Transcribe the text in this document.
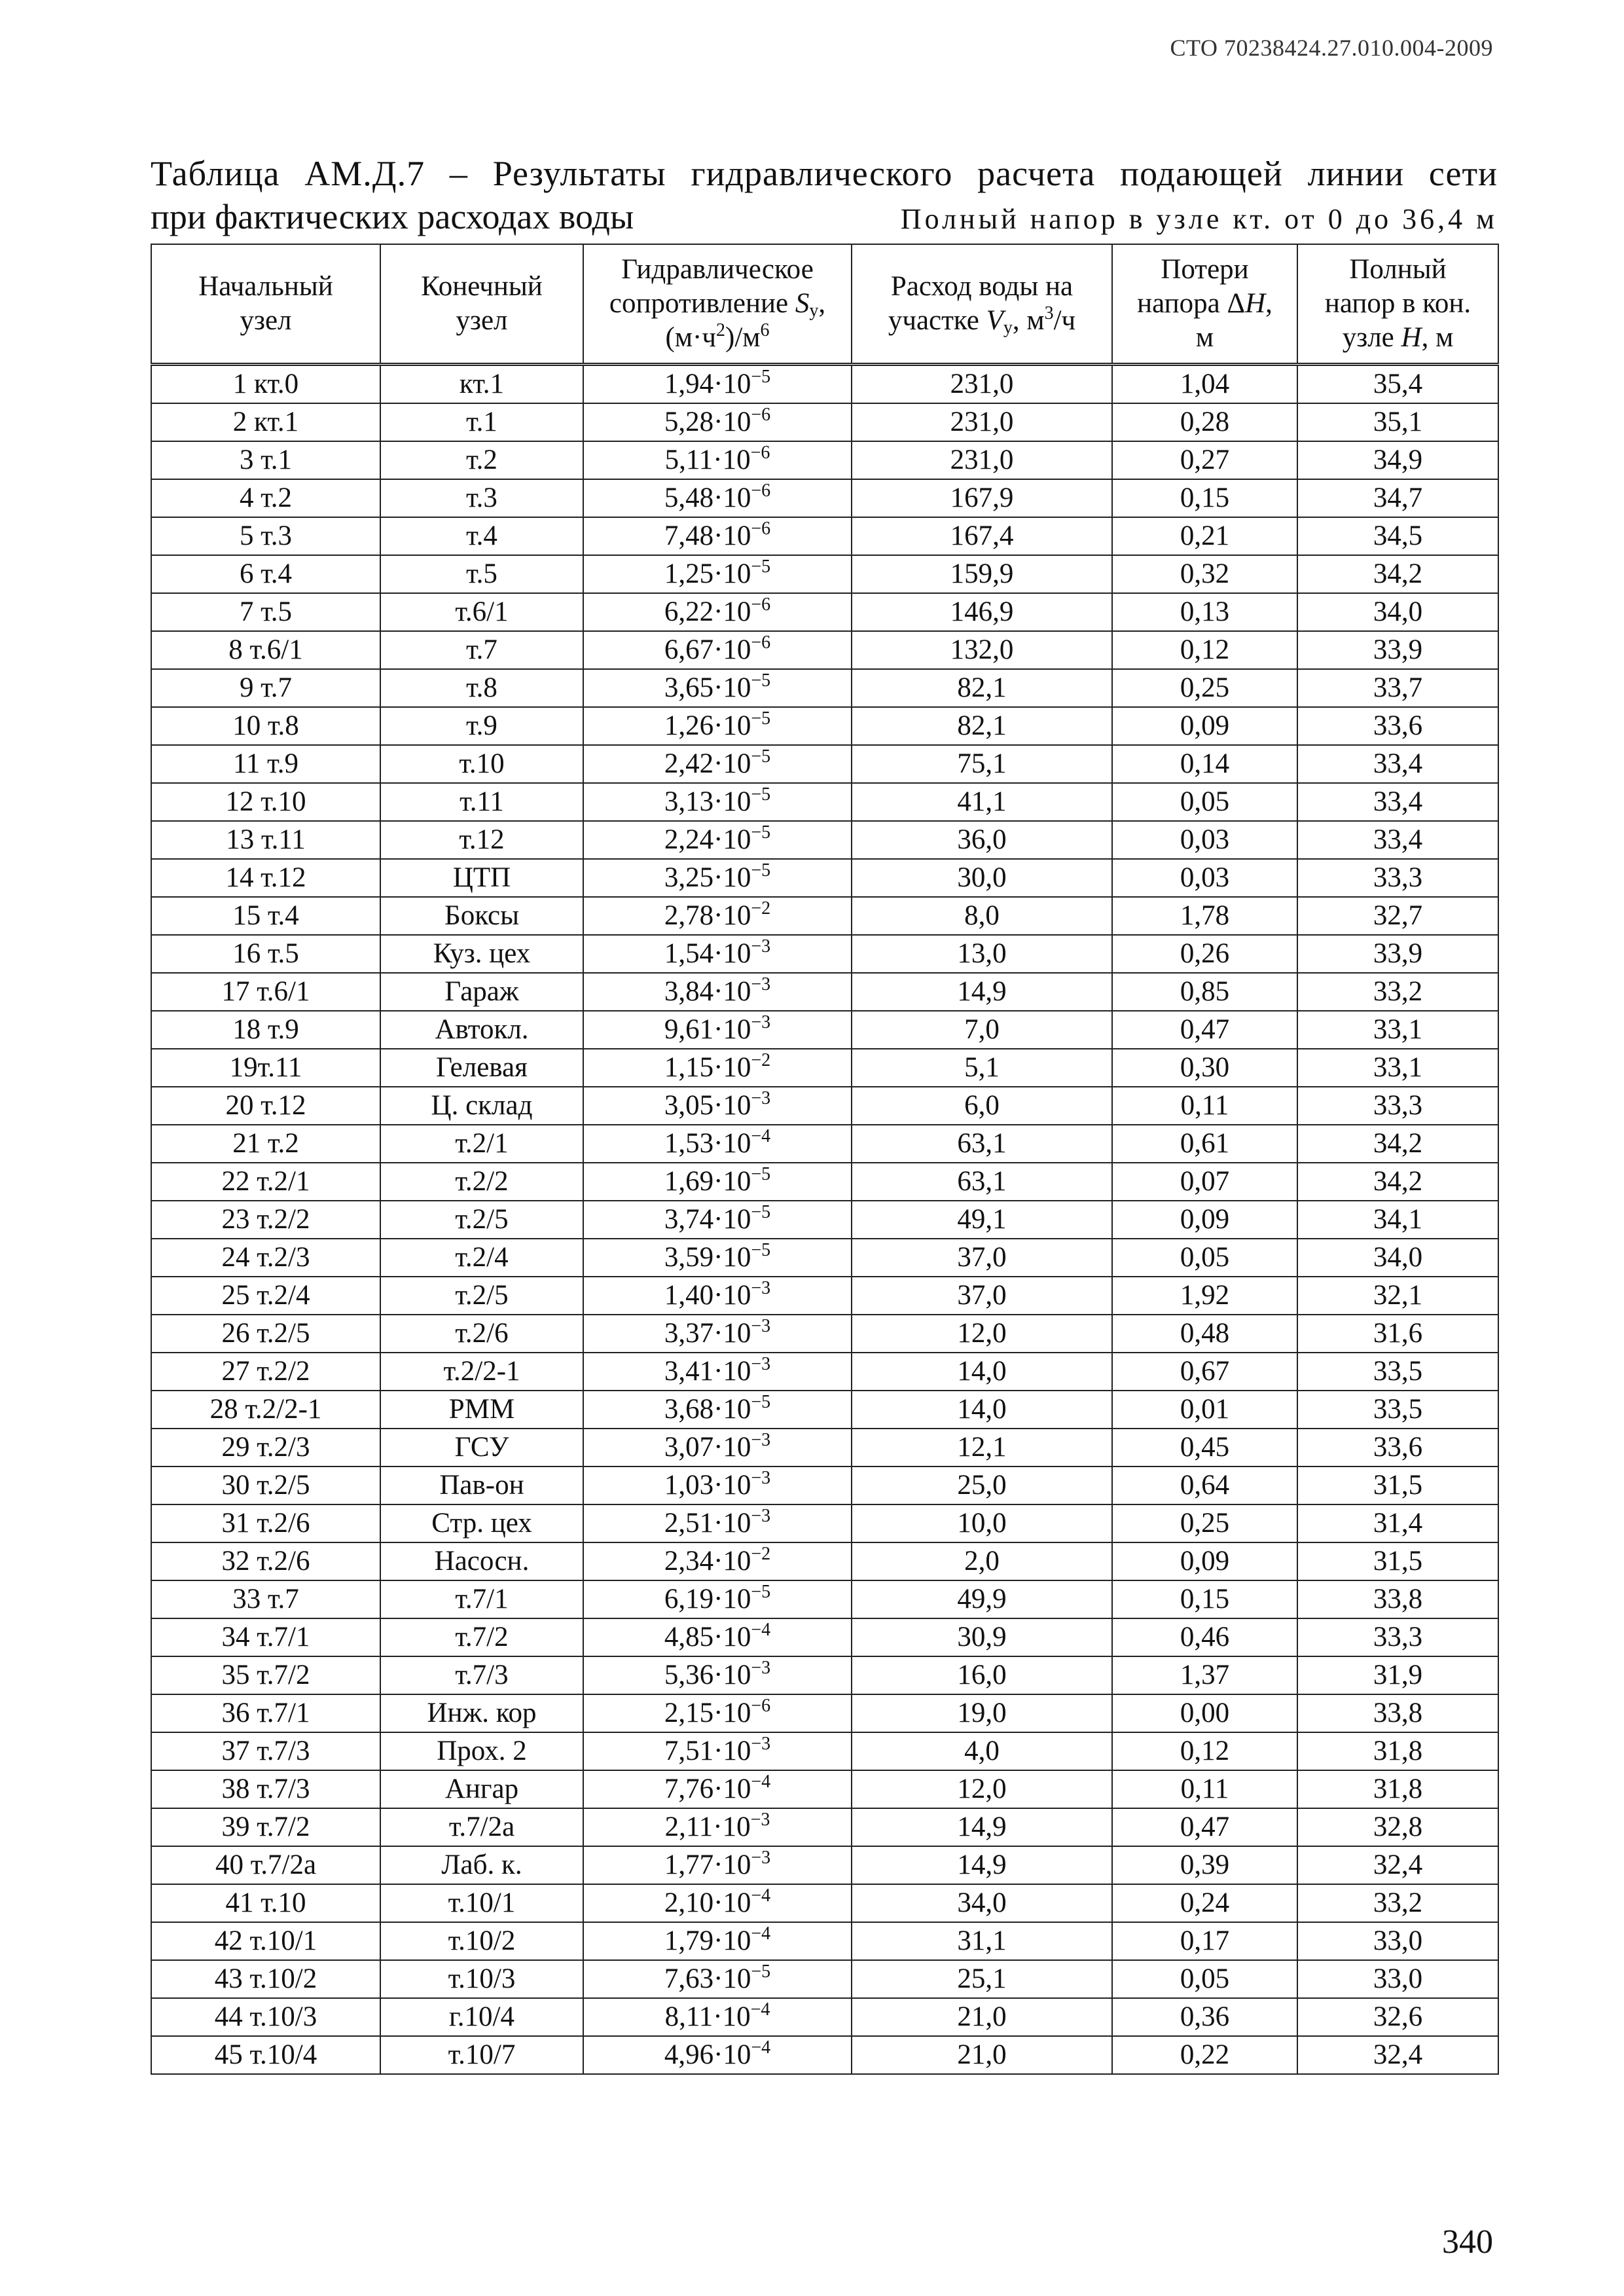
СТО 70238424.27.010.004-2009
Таблица АМ.Д.7 – Результаты гидравлического расчета подающей линии сети
при фактических расходах воды	Полный напор в узле кт. от 0 до 36,4 м
Начальный
узел	Конечный
узел	Гидравлическое
сопротивление $S_у$,
$(м\cdot ч^2)/м^6$	Расход воды на
участке $V_у$, $м^3/ч$	Потери
напора ΔH,
м	Полный
напор в кон.
узле H, м
1 кт.0	кт.1	$1,94\cdot 10^{-5}$	231,0	1,04	35,4
2 кт.1	т.1	$5,28\cdot 10^{-6}$	231,0	0,28	35,1
3 т.1	т.2	$5,11\cdot 10^{-6}$	231,0	0,27	34,9
4 т.2	т.3	$5,48\cdot 10^{-6}$	167,9	0,15	34,7
5 т.3	т.4	$7,48\cdot 10^{-6}$	167,4	0,21	34,5
6 т.4	т.5	$1,25\cdot 10^{-5}$	159,9	0,32	34,2
7 т.5	т.6/1	$6,22\cdot 10^{-6}$	146,9	0,13	34,0
8 т.6/1	т.7	$6,67\cdot 10^{-6}$	132,0	0,12	33,9
9 т.7	т.8	$3,65\cdot 10^{-5}$	82,1	0,25	33,7
10 т.8	т.9	$1,26\cdot 10^{-5}$	82,1	0,09	33,6
11 т.9	т.10	$2,42\cdot 10^{-5}$	75,1	0,14	33,4
12 т.10	т.11	$3,13\cdot 10^{-5}$	41,1	0,05	33,4
13 т.11	т.12	$2,24\cdot 10^{-5}$	36,0	0,03	33,4
14 т.12	ЦТП	$3,25\cdot 10^{-5}$	30,0	0,03	33,3
15 т.4	Боксы	$2,78\cdot 10^{-2}$	8,0	1,78	32,7
16 т.5	Куз. цех	$1,54\cdot 10^{-3}$	13,0	0,26	33,9
17 т.6/1	Гараж	$3,84\cdot 10^{-3}$	14,9	0,85	33,2
18 т.9	Автокл.	$9,61\cdot 10^{-3}$	7,0	0,47	33,1
19т.11	Гелевая	$1,15\cdot 10^{-2}$	5,1	0,30	33,1
20 т.12	Ц. склад	$3,05\cdot 10^{-3}$	6,0	0,11	33,3
21 т.2	т.2/1	$1,53\cdot 10^{-4}$	63,1	0,61	34,2
22 т.2/1	т.2/2	$1,69\cdot 10^{-5}$	63,1	0,07	34,2
23 т.2/2	т.2/5	$3,74\cdot 10^{-5}$	49,1	0,09	34,1
24 т.2/3	т.2/4	$3,59\cdot 10^{-5}$	37,0	0,05	34,0
25 т.2/4	т.2/5	$1,40\cdot 10^{-3}$	37,0	1,92	32,1
26 т.2/5	т.2/6	$3,37\cdot 10^{-3}$	12,0	0,48	31,6
27 т.2/2	т.2/2-1	$3,41\cdot 10^{-3}$	14,0	0,67	33,5
28 т.2/2-1	РММ	$3,68\cdot 10^{-5}$	14,0	0,01	33,5
29 т.2/3	ГСУ	$3,07\cdot 10^{-3}$	12,1	0,45	33,6
30 т.2/5	Пав-он	$1,03\cdot 10^{-3}$	25,0	0,64	31,5
31 т.2/6	Стр. цех	$2,51\cdot 10^{-3}$	10,0	0,25	31,4
32 т.2/6	Насосн.	$2,34\cdot 10^{-2}$	2,0	0,09	31,5
33 т.7	т.7/1	$6,19\cdot 10^{-5}$	49,9	0,15	33,8
34 т.7/1	т.7/2	$4,85\cdot 10^{-4}$	30,9	0,46	33,3
35 т.7/2	т.7/3	$5,36\cdot 10^{-3}$	16,0	1,37	31,9
36 т.7/1	Инж. кор	$2,15\cdot 10^{-6}$	19,0	0,00	33,8
37 т.7/3	Прох. 2	$7,51\cdot 10^{-3}$	4,0	0,12	31,8
38 т.7/3	Ангар	$7,76\cdot 10^{-4}$	12,0	0,11	31,8
39 т.7/2	т.7/2а	$2,11\cdot 10^{-3}$	14,9	0,47	32,8
40 т.7/2а	Лаб. к.	$1,77\cdot 10^{-3}$	14,9	0,39	32,4
41 т.10	т.10/1	$2,10\cdot 10^{-4}$	34,0	0,24	33,2
42 т.10/1	т.10/2	$1,79\cdot 10^{-4}$	31,1	0,17	33,0
43 т.10/2	т.10/3	$7,63\cdot 10^{-5}$	25,1	0,05	33,0
44 т.10/3	г.10/4	$8,11\cdot 10^{-4}$	21,0	0,36	32,6
45 т.10/4	т.10/7	$4,96\cdot 10^{-4}$	21,0	0,22	32,4
340
